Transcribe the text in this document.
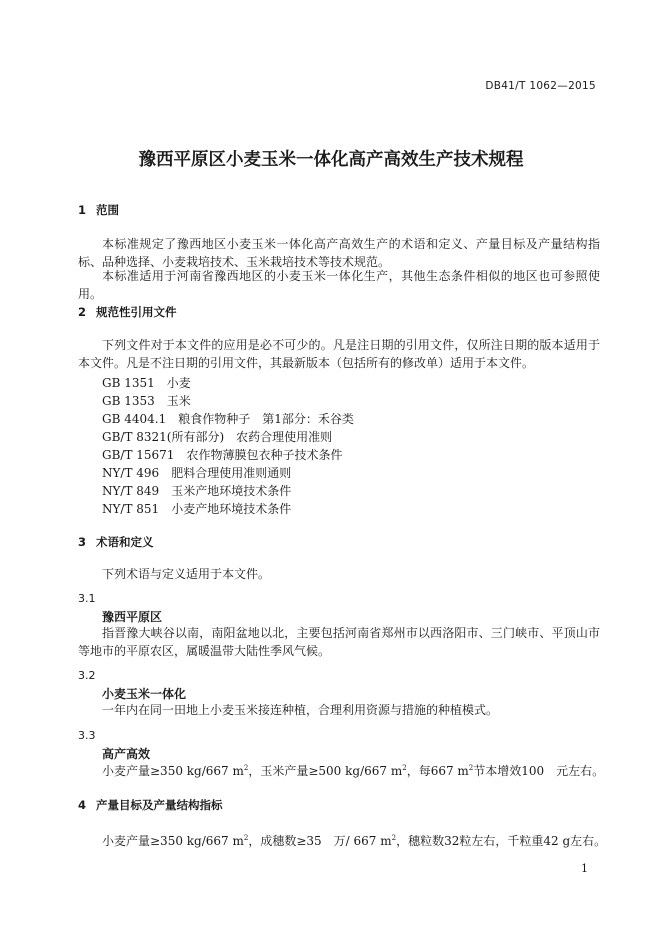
DB41/T 1062—2015
豫西平原区小麦玉米一体化高产高效生产技术规程
1 范围
本标准规定了豫西地区小麦玉米一体化高产高效生产的术语和定义、产量目标及产量结构指标、品种选择、小麦栽培技术、玉米栽培技术等技术规范。
本标准适用于河南省豫西地区的小麦玉米一体化生产，其他生态条件相似的地区也可参照使用。
2 规范性引用文件
下列文件对于本文件的应用是必不可少的。凡是注日期的引用文件，仅所注日期的版本适用于本文件。凡是不注日期的引用文件，其最新版本（包括所有的修改单）适用于本文件。
GB 1351　小麦
GB 1353　玉米
GB 4404.1　粮食作物种子　第1部分：禾谷类
GB/T 8321(所有部分)　农药合理使用准则
GB/T 15671　农作物薄膜包衣种子技术条件
NY/T 496　肥料合理使用准则通则
NY/T 849　玉米产地环境技术条件
NY/T 851　小麦产地环境技术条件
3 术语和定义
下列术语与定义适用于本文件。
3.1
豫西平原区
指晋豫大峡谷以南，南阳盆地以北，主要包括河南省郑州市以西洛阳市、三门峡市、平顶山市等地市的平原农区，属暖温带大陆性季风气候。
3.2
小麦玉米一体化
一年内在同一田地上小麦玉米接连种植，合理利用资源与措施的种植模式。
3.3
高产高效
小麦产量≥350 kg/667 $m^2$，玉米产量≥500 kg/667 $m^2$，每667 $m^2$节本增效100　元左右。
4 产量目标及产量结构指标
小麦产量≥350 kg/667 $m^2$，成穗数≥35　万/ 667 $m^2$，穗粒数32粒左右，千粒重42 g左右。
1
